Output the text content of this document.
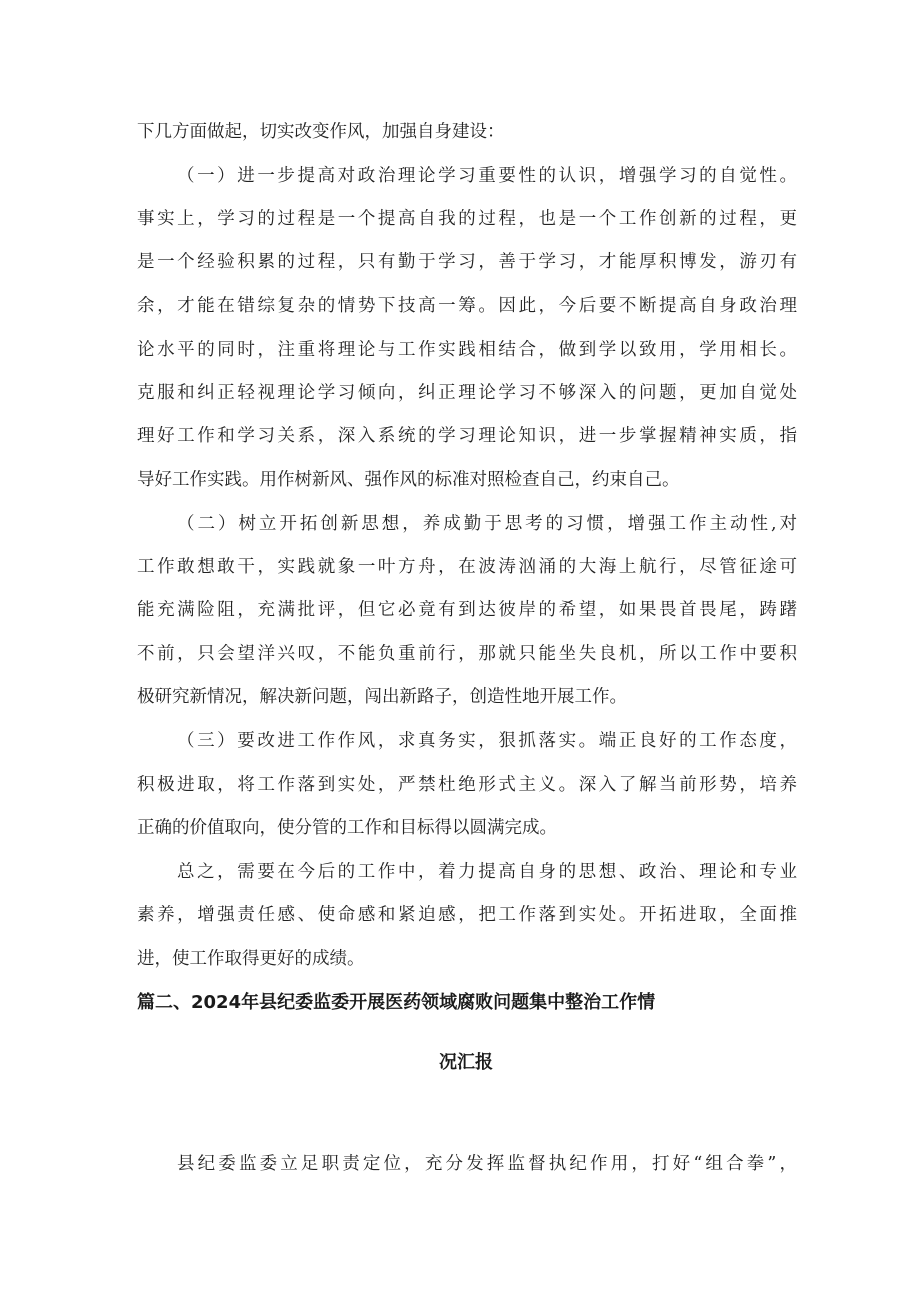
下几方面做起，切实改变作风，加强自身建设：
（一）进一步提高对政治理论学习重要性的认识，增强学习的自觉性。
事实上，学习的过程是一个提高自我的过程，也是一个工作创新的过程，更
是一个经验积累的过程，只有勤于学习，善于学习，才能厚积博发，游刃有
余，才能在错综复杂的情势下技高一筹。因此，今后要不断提高自身政治理
论水平的同时，注重将理论与工作实践相结合，做到学以致用，学用相长。
克服和纠正轻视理论学习倾向，纠正理论学习不够深入的问题，更加自觉处
理好工作和学习关系，深入系统的学习理论知识，进一步掌握精神实质，指
导好工作实践。用作树新风、强作风的标准对照检查自己，约束自己。
（二）树立开拓创新思想，养成勤于思考的习惯，增强工作主动性,对
工作敢想敢干，实践就象一叶方舟，在波涛汹涌的大海上航行，尽管征途可
能充满险阻，充满批评，但它必竟有到达彼岸的希望，如果畏首畏尾，踌躇
不前，只会望洋兴叹，不能负重前行，那就只能坐失良机，所以工作中要积
极研究新情况，解决新问题，闯出新路子，创造性地开展工作。
（三）要改进工作作风，求真务实，狠抓落实。端正良好的工作态度，
积极进取，将工作落到实处，严禁杜绝形式主义。深入了解当前形势，培养
正确的价值取向，使分管的工作和目标得以圆满完成。
总之，需要在今后的工作中，着力提高自身的思想、政治、理论和专业
素养，增强责任感、使命感和紧迫感，把工作落到实处。开拓进取，全面推
进，使工作取得更好的成绩。
篇二、2024年县纪委监委开展医药领域腐败问题集中整治工作情
况汇报
县纪委监委立足职责定位，充分发挥监督执纪作用，打好“组合拳”，
